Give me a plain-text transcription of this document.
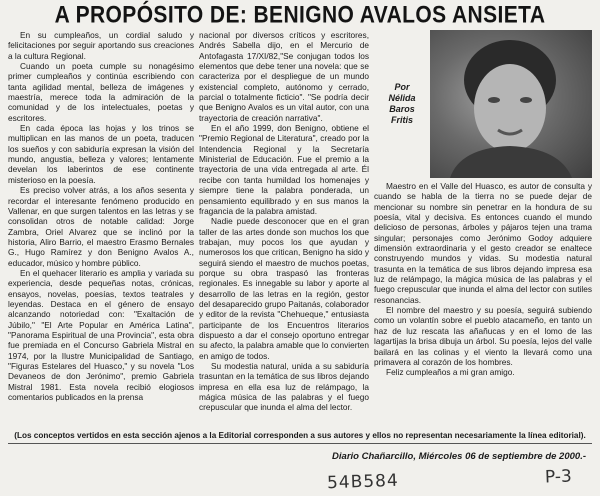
A PROPÓSITO DE: BENIGNO AVALOS ANSIETA

En su cumpleaños, un cordial saludo y felicitaciones por seguir aportando sus creaciones a la cultura Regional.

Cuando un poeta cumple su nonagésimo primer cumpleaños y continúa escribiendo con tanta agilidad mental, belleza de imágenes y maestría, merece toda la admiración de la comunidad y de los intelectuales, poetas y escritores.

En cada época las hojas y los trinos se multiplican en las manos de un poeta, traducen los sueños y con sabiduría expresan la visión del mundo, angustia, belleza y valores; lentamente develan los laberintos de ese continente misterioso en la poesía.

Es preciso volver atrás, a los años sesenta y recordar el interesante fenómeno producido en Vallenar, en que surgen talentos en las letras y se consolidan otros de notable calidad: Jorge Zambra, Oriel Alvarez que se inclinó por la historia, Aliro Barrio, el maestro Erasmo Bernales G., Hugo Ramírez y don Benigno Avalos A., educador, músico y hombre público.

En el quehacer literario es amplia y variada su experiencia, desde pequeñas notas, crónicas, ensayos, novelas, poesías, textos teatrales y leyendas. Destaca en el género de ensayo alcanzando notoriedad con: "Exaltación de Júbilo," "El Arte Popular en América Latina", "Panorama Espiritual de una Provincia", esta obra fue premiada en el Concurso Gabriela Mistral en 1974, por la Ilustre Municipalidad de Santiago, "Figuras Estelares del Huasco," y su novela "Los Devaneos de don Jerónimo", premio Gabriela Mistral 1981. Esta novela recibió elogiosos comentarios publicados en la prensa

nacional por diversos críticos y escritores, Andrés Sabella dijo, en el Mercurio de Antofagasta 17/XI/82,"Se conjugan todos los elementos que debe tener una novela: que se caracteriza por el despliegue de un mundo existencial completo, autónomo y cerrado, parcial o totalmente ficticio". "Se podría decir que Benigno Avalos es un vital autor, con una trayectoria de creación narrativa".

En el año 1999, don Benigno, obtiene el "Premio Regional de Literatura", creado por la Intendencia Regional y la Secretaría Ministerial de Educación. Fue el premio a la trayectoria de una vida entregada al arte. Él recibe con tanta humildad los homenajes y siempre tiene la palabra ponderada, un pensamiento equilibrado y en sus manos la fragancia de la palabra amistad.

Nadie puede desconocer que en el gran taller de las artes donde son muchos los que trabajan, muy pocos los que ayudan y numerosos los que critican, Benigno ha sido y seguirá siendo el maestro de muchos poetas, porque su obra traspasó las fronteras regionales. Es innegable su labor y aporte al desarrollo de las letras en la región, gestor del desaparecido grupo Paitanás, colaborador y editor de la revista "Chehueque," entusiasta participante de los Encuentros literarios dispuesto a dar el consejo oportuno entregar su afecto, la palabra amable que lo convierten en amigo de todos.

Su modestia natural, unida a su sabiduría trasuntan en la temática de sus libros dejando impresa en ella esa luz de relámpago, la mágica música de las palabras y el fuego crepuscular que inunda el alma del lector.

Por
Nélida
Baros
Fritis

Maestro en el Valle del Huasco, es autor de consulta y cuando se habla de la tierra no se puede dejar de mencionar su nombre sin penetrar en la hondura de su poesía, vital y decisiva. Es entonces cuando el mundo delicioso de personas, árboles y pájaros tejen una trama singular; personajes como Jerónimo Godoy adquiere dimensión extraordinaria y el gesto creador se enaltece construyendo mundos y vidas. Su modestia natural trasunta en la temática de sus libros dejando impresa esa luz de relámpago, la mágica música de las palabras y el fuego crepuscular que inunda el alma del lector con sutiles resonancias.

El nombre del maestro y su poesía, seguirá subiendo como un volantín sobre el pueblo atacameño, en tanto un haz de luz rescata las añañucas y en el lomo de las lagartijas la brisa dibuja un árbol. Su poesía, lejos del valle bailará en las colinas y el viento la llevará como una primavera al corazón de los hombres.

Feliz cumpleaños a mi gran amigo.

(Los conceptos vertidos en esta sección ajenos a la Editorial corresponden a sus autores y ellos no representan necesariamente la línea editorial).
Diario Chañarcillo, Miércoles 06 de septiembre de 2000.-
54B584	P-3
